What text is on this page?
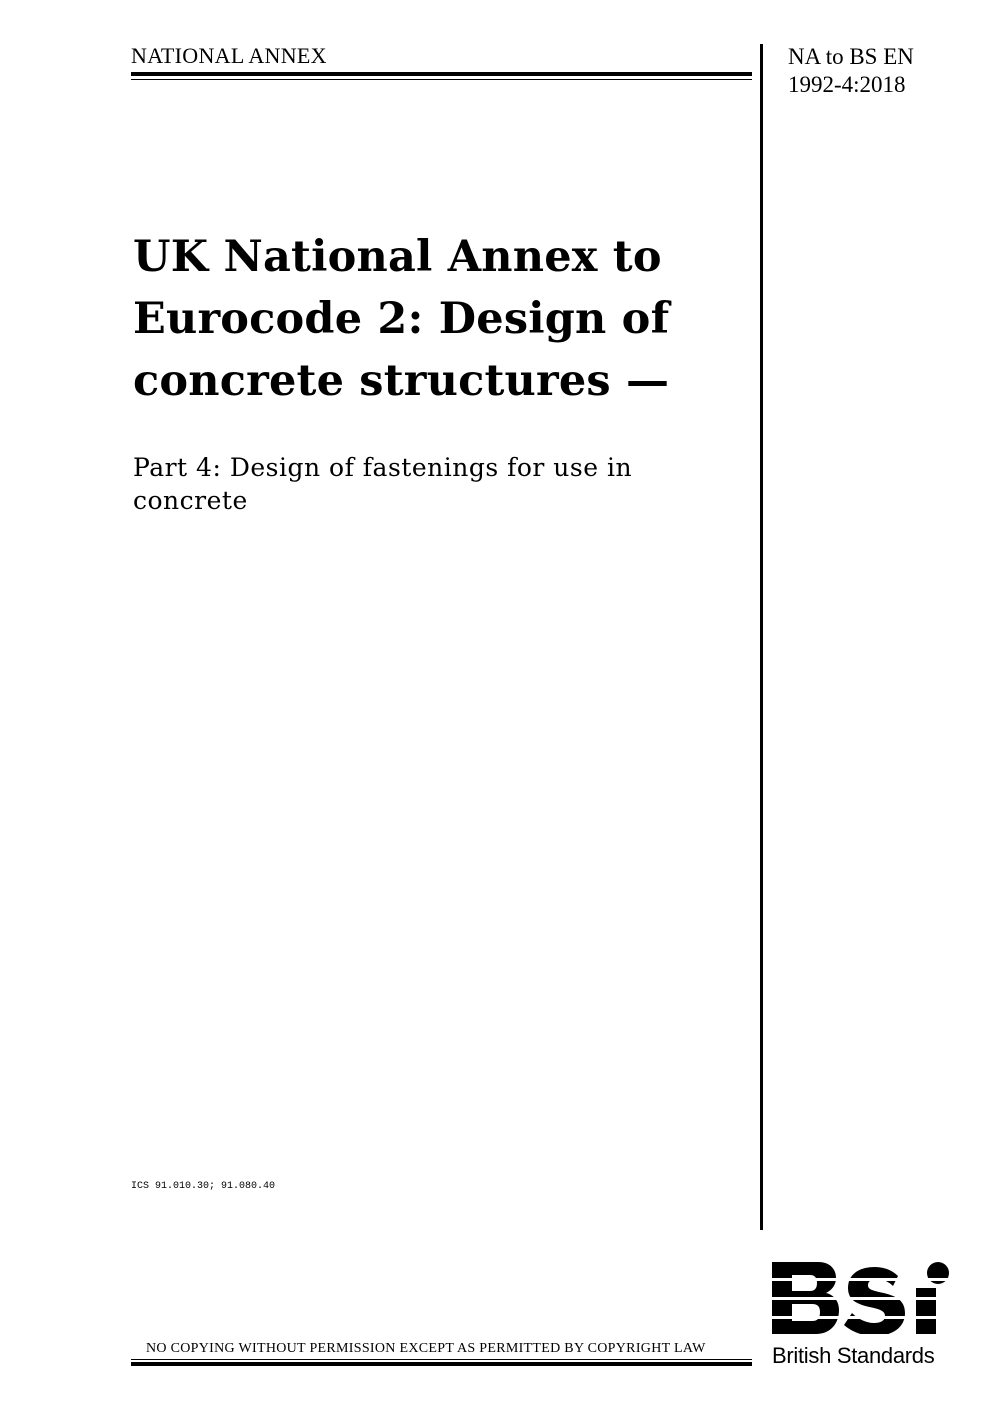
NATIONAL ANNEX	NA to BS EN
1992-4:2018
UK National Annex to
Eurocode 2: Design of
concrete structures —
Part 4: Design of fastenings for use in
concrete
ICS 91.010.30; 91.080.40
NO COPYING WITHOUT PERMISSION EXCEPT AS PERMITTED BY COPYRIGHT LAW	British Standards
